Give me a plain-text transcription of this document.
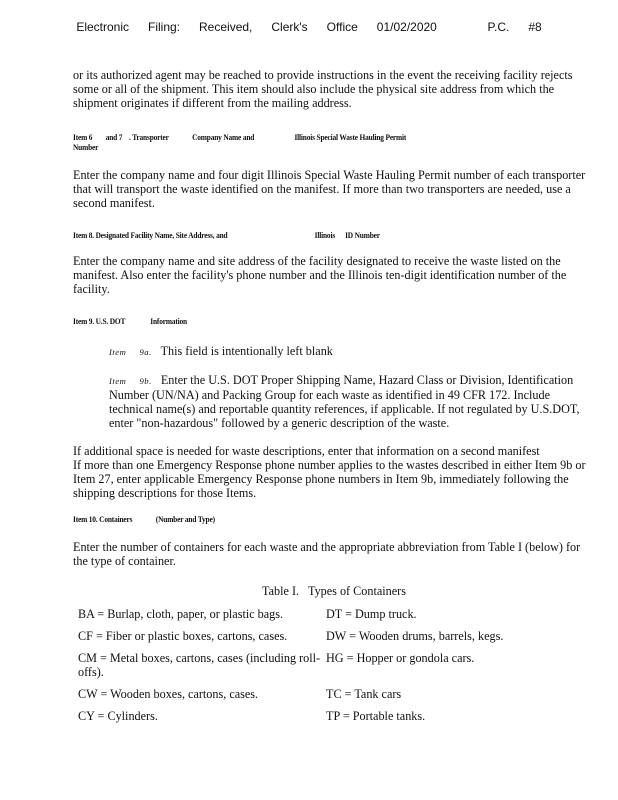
Electronic   Filing:   Received,   Clerk's   Office   01/02/2020	P.C.   #8

or its authorized agent may be reached to provide instructions in the event the receiving facility rejects some or all of the shipment. This item should also include the physical site address from which the shipment originates if different from the mailing address.

Item 6        and 7    . Transporter              Company Name and                        Illinois Special Waste Hauling Permit

Number

Enter the company name and four digit Illinois Special Waste Hauling Permit number of each transporter that will transport the waste identified on the manifest. If more than two transporters are needed, use a second manifest.

Item 8. Designated Facility Name, Site Address, and                                                    Illinois      ID Number

Enter the company name and site address of the facility designated to receive the waste listed on the manifest. Also enter the facility's phone number and the Illinois ten-digit identification number of the facility.

Item 9. U.S. DOT               Information

Item     9a. This field is intentionally left blank
Item     9b. Enter the U.S. DOT Proper Shipping Name, Hazard Class or Division, Identification Number (UN/NA) and Packing Group for each waste as identified in 49 CFR 172. Include technical name(s) and reportable quantity references, if applicable. If not regulated by U.S.DOT, enter "non-hazardous" followed by a generic description of the waste.

If additional space is needed for waste descriptions, enter that information on a second manifest

If more than one Emergency Response phone number applies to the wastes described in either Item 9b or Item 27, enter applicable Emergency Response phone numbers in Item 9b, immediately following the shipping descriptions for those Items.

Item 10. Containers              (Number and Type)

Enter the number of containers for each waste and the appropriate abbreviation from Table I (below) for the type of container.

Table I.   Types of Containers

BA = Burlap, cloth, paper, or plastic bags.	DT = Dump truck.
CF = Fiber or plastic boxes, cartons, cases.	DW = Wooden drums, barrels, kegs.
CM = Metal boxes, cartons, cases (including roll-offs).	HG = Hopper or gondola cars.
CW = Wooden boxes, cartons, cases.	TC = Tank cars
CY = Cylinders.	TP = Portable tanks.
